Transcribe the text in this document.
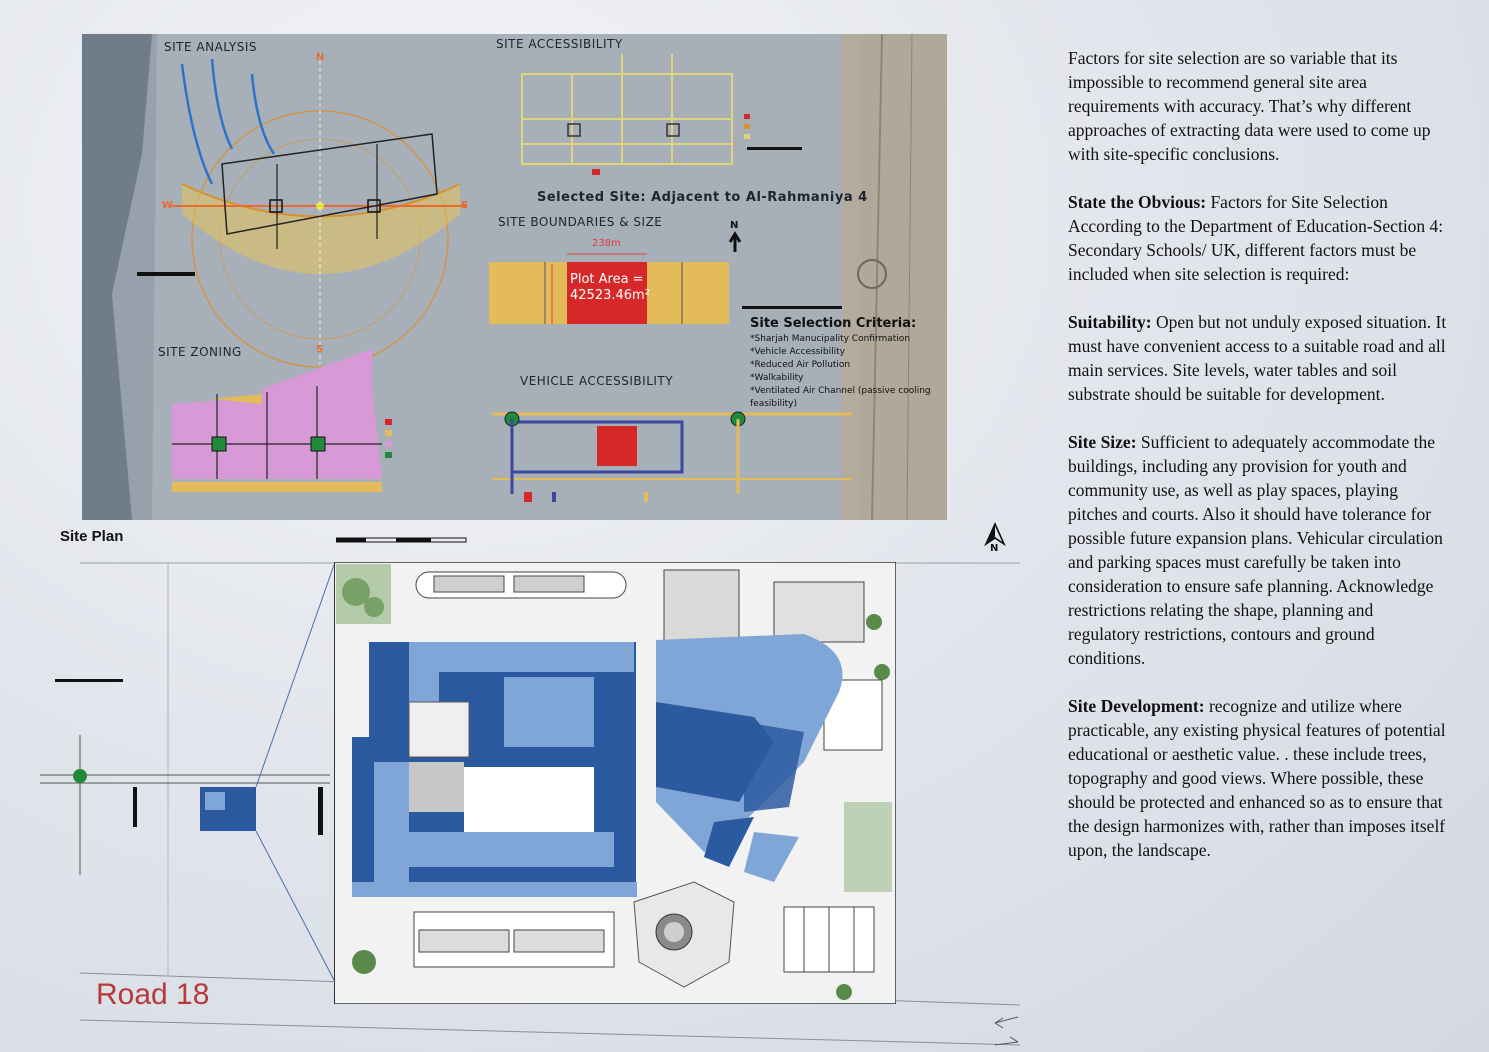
SITE ANALYSIS	SITE ACCESSIBILITY
Selected Site: Adjacent to Al-Rahmaniya 4
SITE BOUNDARIES & SIZE
238m
Plot Area =
42523.46m²
N
SITE ZONING
VEHICLE ACCESSIBILITY
N
S
E
W
Site Selection Criteria:
*Sharjah Manucipality Confirmation
*Vehicle Accessibility
*Reduced Air Pollution
*Walkability
*Ventilated Air Channel (passive cooling feasibility)
Site Plan
N
Road 18

Factors for site selection are so variable that its impossible to recommend general site area requirements with accuracy. That’s why different approaches of extracting data were used to come up with site-specific conclusions.

State the Obvious: Factors for Site Selection According to the Department of Education-Section 4: Secondary Schools/ UK, different factors must be included when site selection is required:

Suitability: Open but not unduly exposed situation. It must have convenient access to a suitable road and all main services. Site levels, water tables and soil substrate should be suitable for development.

Site Size: Sufficient to adequately accommodate the buildings, including any provision for youth and community use, as well as play spaces, playing pitches and courts. Also it should have tolerance for possible future expansion plans. Vehicular circulation and parking spaces must carefully be taken into consideration to ensure safe planning. Acknowledge restrictions relating the shape, planning and regulatory restrictions, contours and ground conditions.

Site Development: recognize and utilize where practicable, any existing physical features of potential educational or aesthetic value. . these include trees, topography and good views. Where possible, these should be protected and enhanced so as to ensure that the design harmonizes with, rather than imposes itself upon, the landscape.
